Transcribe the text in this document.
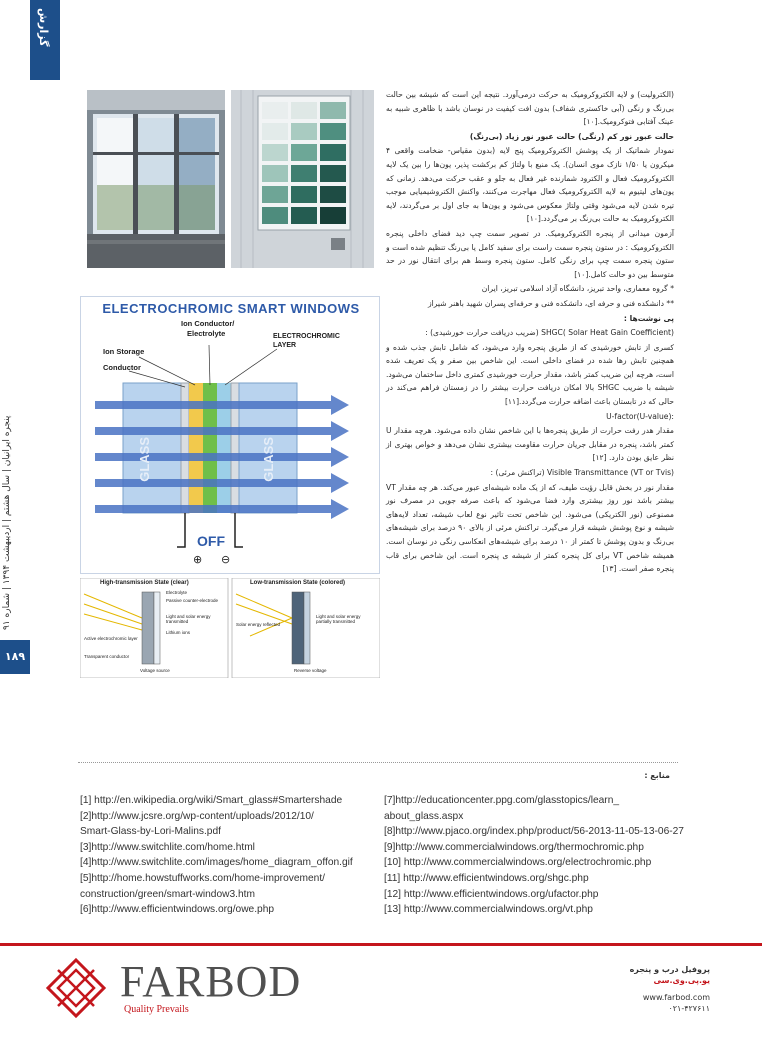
گزارش
پنجره ایرانیان | سال هشتم | اردیبهشت ۱۳۹۴ | شماره ۹۱
۱۸۹
ELECTROCHROMIC SMART WINDOWS
Ion Conductor/
Electrolyte
Ion Storage
Conductor
ELECTROCHROMIC
LAYER
GLASS	GLASS
OFF
⊕ ⊖
High-transmission State (clear)	Low-transmission State (colored)
Electrolyte
Passive counter-electrode
Light and solar energy transmitted
Lithium ions
Active electrochromic layer
Transparent conductor
Voltage source
Solar energy reflected
Light and solar energy partially transmitted
Reverse voltage

(الکترولیت) و لایه الکتروکرومیک به حرکت درمی‌آورد. نتیجه این است که شیشه بین حالت بی‌رنگ و رنگی (آبی خاکستری شفاف) بدون افت کیفیت در نوسان باشد با ظاهری شبیه به عینک آفتابی فتوکرومیک.[۱۰]

حالت عبور نور کم (رنگی) حالت عبور نور زیاد (بی‌رنگ)

نمودار شماتیک از یک پوشش الکتروکرومیک پنج لایه (بدون مقیاس- ضخامت واقعی ۴ میکرون یا ۱/۵۰ نازک موی انسان). یک منبع با ولتاژ کم برکشت پذیر، یون‌ها را بین یک لایه الکتروکرومیک فعال و الکترود شمارنده غیر فعال به جلو و عقب حرکت می‌دهد. زمانی که یون‌های لیتیوم به لایه الکتروکرومیک فعال مهاجرت می‌کنند، واکنش الکتروشیمیایی موجب تیره شدن لایه می‌شود وقتی ولتاژ معکوس می‌شود و یون‌ها به جای اول بر می‌گردند، لایه الکتروکرومیک به حالت بی‌رنگ بر می‌گردد.[۱۰]

آزمون میدانی از پنجره الکتروکرومیک. در تصویر سمت چپ دید فضای داخلی پنجره الکتروکرومیک : در ستون پنجره سمت راست برای سفید کامل یا بی‌رنگ تنظیم شده است و ستون پنجره سمت چپ برای رنگی کامل. ستون پنجره وسط هم برای انتقال نور در حد متوسط بین دو حالت کامل.[۱۰]

* گروه معماری، واحد تبریز، دانشگاه آزاد اسلامی تبریز، ایران

** دانشکده فنی و حرفه ای، دانشکده فنی و حرفه‌ای پسران شهید باهنر شیراز

پی نوشت‌ها :

(Solar Heat Gain Coefficient )SHGC (ضریب دریافت حرارت خورشیدی) :

کسری از تابش خورشیدی که از طریق پنجره وارد می‌شود، که شامل تابش جذب شده و همچنین تابش رها شده در فضای داخلی است. این شاخص بین صفر و یک تعریف شده است، هرچه این ضریب کمتر باشد، مقدار حرارت خورشیدی کمتری داخل ساختمان می‌شود. شیشه با ضریب SHGC بالا امکان دریافت حرارت بیشتر را در زمستان فراهم می‌کند در حالی که در تابستان باعث اضافه حرارت می‌گردد.[۱۱]

:(U-factor(U-value

مقدار هدر رفت حرارت از طریق پنجره‌ها با این شاخص نشان داده می‌شود. هرچه مقدار U کمتر باشد، پنجره در مقابل جریان حرارت مقاومت بیشتری نشان می‌دهد و خواص بهتری از نظر عایق بودن دارد. [۱۲]

Visible Transmittance (VT or Tvis) (تراکنش مرئی) :

مقدار نور در بخش قابل رؤیت طیف، که از یک ماده شیشه‌ای عبور می‌کند. هر چه مقدار VT بیشتر باشد نور روز بیشتری وارد فضا می‌شود که باعث صرفه جویی در مصرف نور مصنوعی (نور الکتریکی) می‌شود. این شاخص تحت تاثیر نوع لعاب شیشه، تعداد لایه‌های شیشه و نوع پوشش شیشه قرار می‌گیرد. تراکنش مرئی از بالای ۹۰ درصد برای شیشه‌های بی‌رنگ و بدون پوشش تا کمتر از ۱۰ درصد برای شیشه‌های انعکاسی رنگی در نوسان است. همیشه شاخص VT برای کل پنجره کمتر از شیشه ی پنجره است. این شاخص برای قاب پنجره صفر است. [۱۳]

منابع :
[1] http://en.wikipedia.org/wiki/Smart_glass#Smartershade
[2]http://www.jcsre.org/wp-content/uploads/2012/10/
Smart-Glass-by-Lori-Malins.pdf
[3]http://www.switchlite.com/home.html
[4]http://www.switchlite.com/images/home_diagram_offon.gif
[5]http://home.howstuffworks.com/home-improvement/
construction/green/smart-window3.htm
[6]http://www.efficientwindows.org/owe.php
[7]http://educationcenter.ppg.com/glasstopics/learn_
about_glass.aspx
[8]http://www.pjaco.org/index.php/product/56-2013-11-05-13-06-27
[9]http://www.commercialwindows.org/thermochromic.php
[10] http://www.commercialwindows.org/electrochromic.php
[11] http://www.efficientwindows.org/shgc.php
[12] http://www.efficientwindows.org/ufactor.php
[13] http://www.commercialwindows.org/vt.php
FARBOD
Quality Prevails
پروفیل درب و پنجره
یو.پی.وی.سی
www.farbod.com
۰۲۱-۴۲۷۶۱۱
